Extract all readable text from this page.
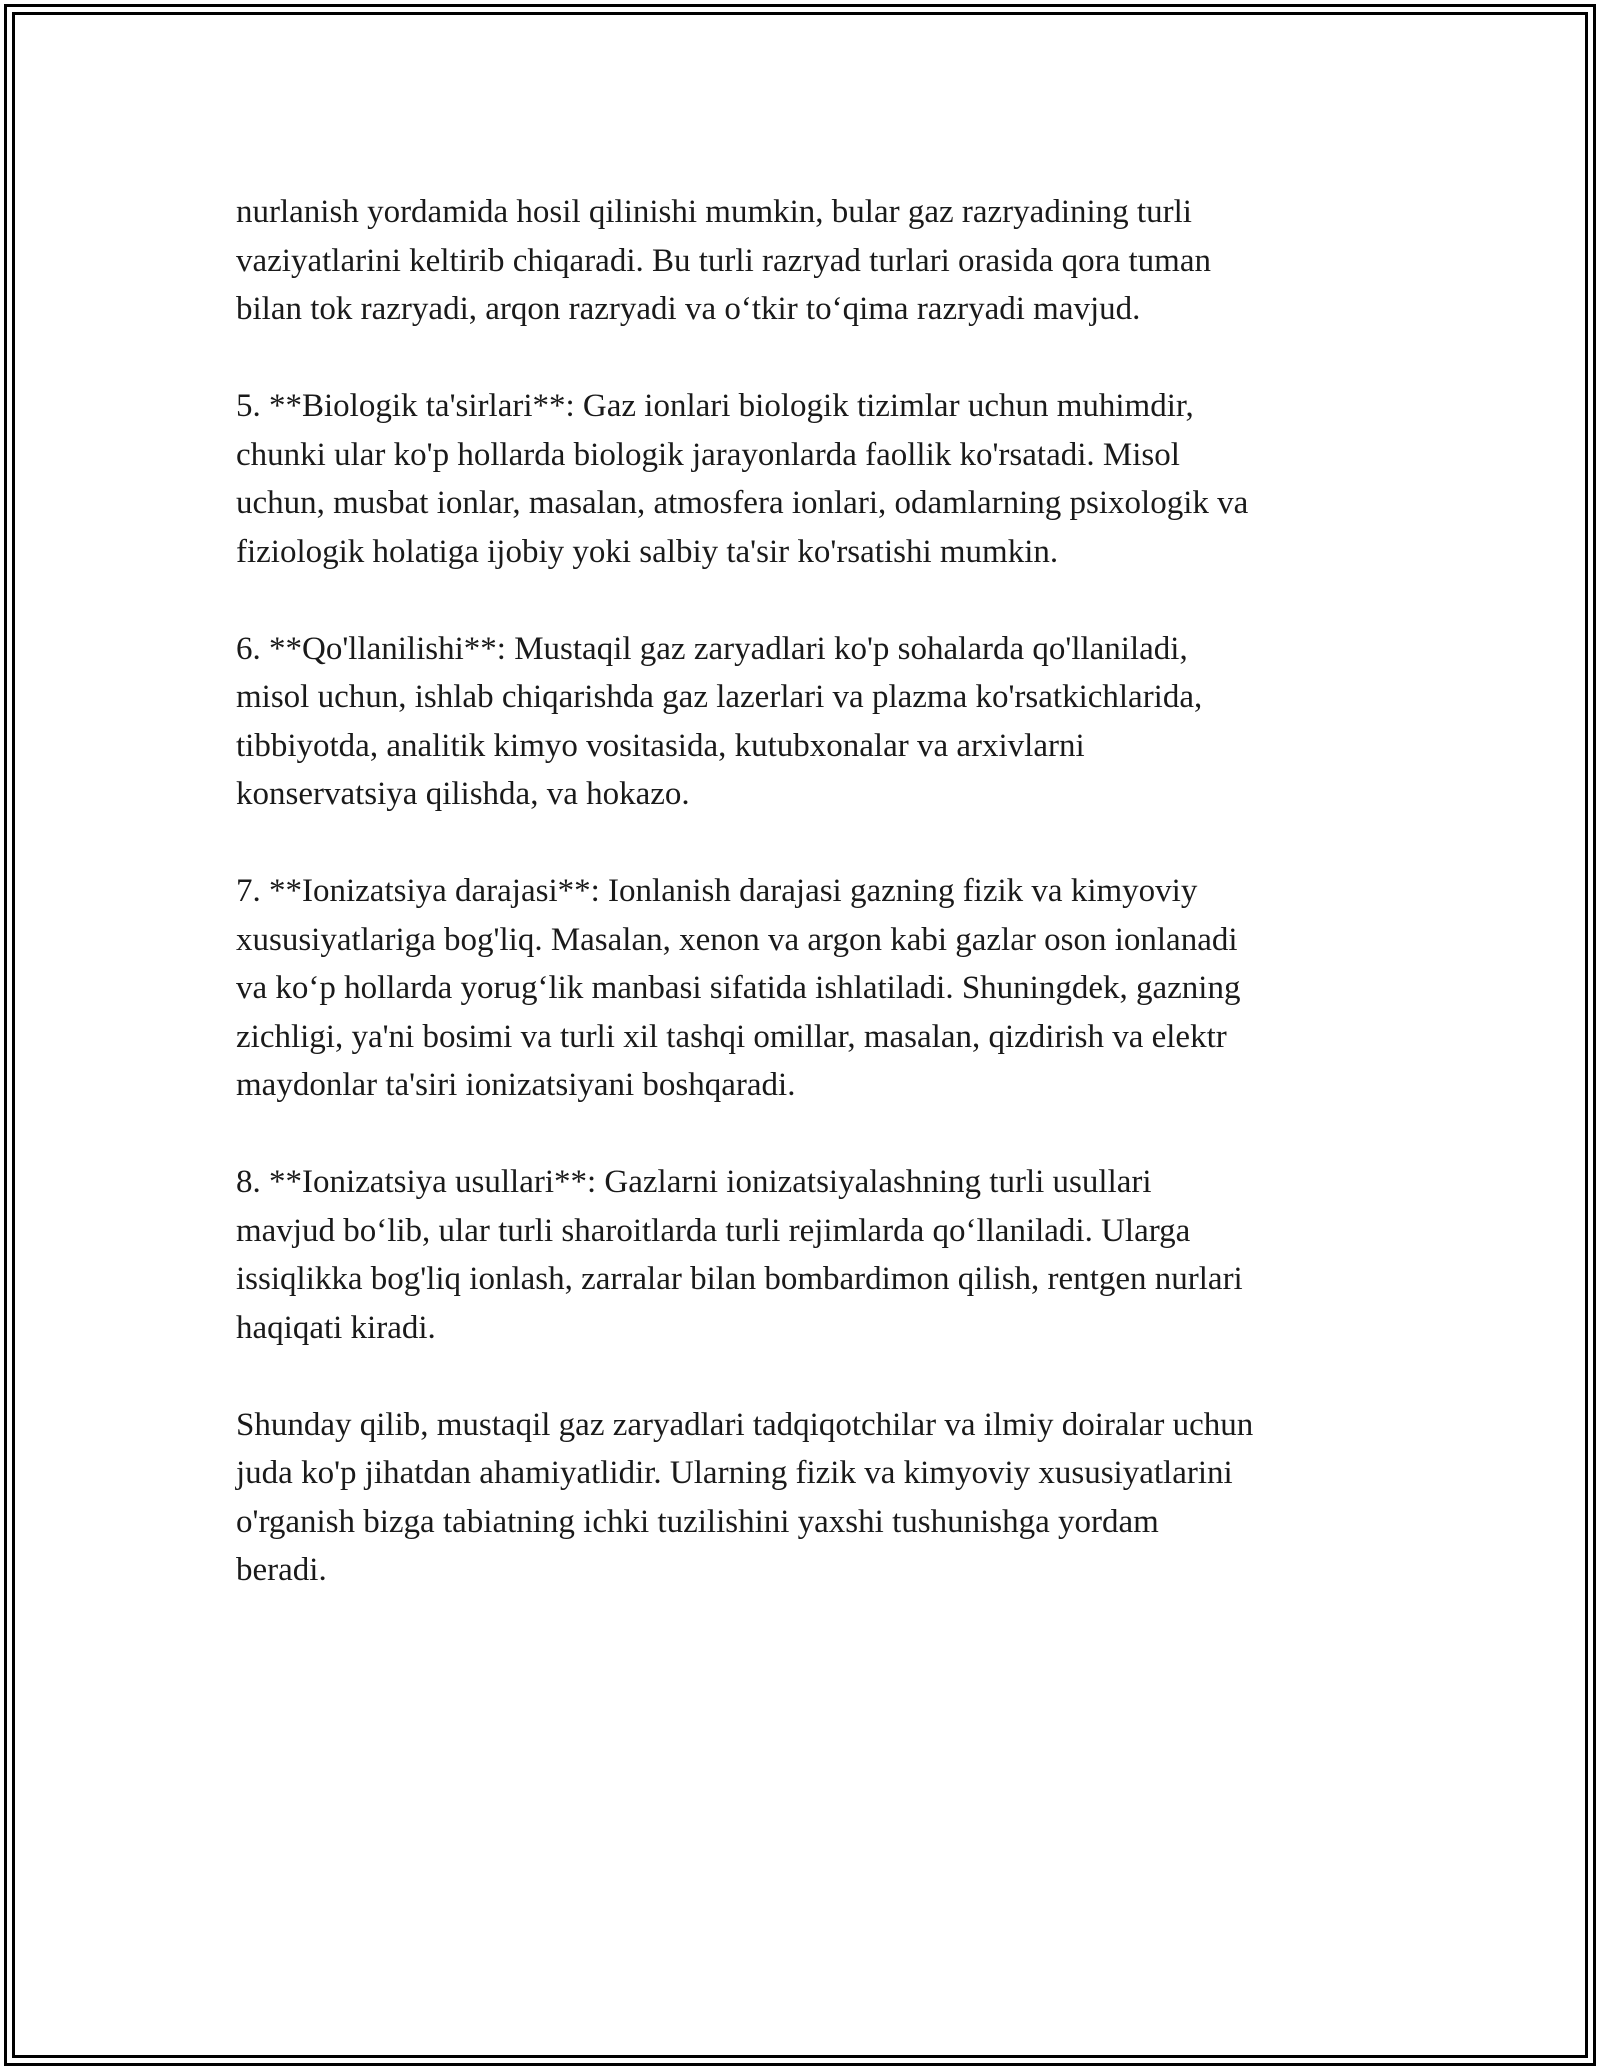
nurlanish yordamida hosil qilinishi mumkin, bular gaz razryadining turli
vaziyatlarini keltirib chiqaradi. Bu turli razryad turlari orasida qora tuman
bilan tok razryadi, arqon razryadi va o‘tkir to‘qima razryadi mavjud.

5. **Biologik ta'sirlari**: Gaz ionlari biologik tizimlar uchun muhimdir,
chunki ular ko'p hollarda biologik jarayonlarda faollik ko'rsatadi. Misol
uchun, musbat ionlar, masalan, atmosfera ionlari, odamlarning psixologik va
fiziologik holatiga ijobiy yoki salbiy ta'sir ko'rsatishi mumkin.

6. **Qo'llanilishi**: Mustaqil gaz zaryadlari ko'p sohalarda qo'llaniladi,
misol uchun, ishlab chiqarishda gaz lazerlari va plazma ko'rsatkichlarida,
tibbiyotda, analitik kimyo vositasida, kutubxonalar va arxivlarni
konservatsiya qilishda, va hokazo.

7. **Ionizatsiya darajasi**: Ionlanish darajasi gazning fizik va kimyoviy
xususiyatlariga bog'liq. Masalan, xenon va argon kabi gazlar oson ionlanadi
va ko‘p hollarda yorug‘lik manbasi sifatida ishlatiladi. Shuningdek, gazning
zichligi, ya'ni bosimi va turli xil tashqi omillar, masalan, qizdirish va elektr
maydonlar ta'siri ionizatsiyani boshqaradi.

8. **Ionizatsiya usullari**: Gazlarni ionizatsiyalashning turli usullari
mavjud bo‘lib, ular turli sharoitlarda turli rejimlarda qo‘llaniladi. Ularga
issiqlikka bog'liq ionlash, zarralar bilan bombardimon qilish, rentgen nurlari
haqiqati kiradi.

Shunday qilib, mustaqil gaz zaryadlari tadqiqotchilar va ilmiy doiralar uchun
juda ko'p jihatdan ahamiyatlidir. Ularning fizik va kimyoviy xususiyatlarini
o'rganish bizga tabiatning ichki tuzilishini yaxshi tushunishga yordam
beradi.
